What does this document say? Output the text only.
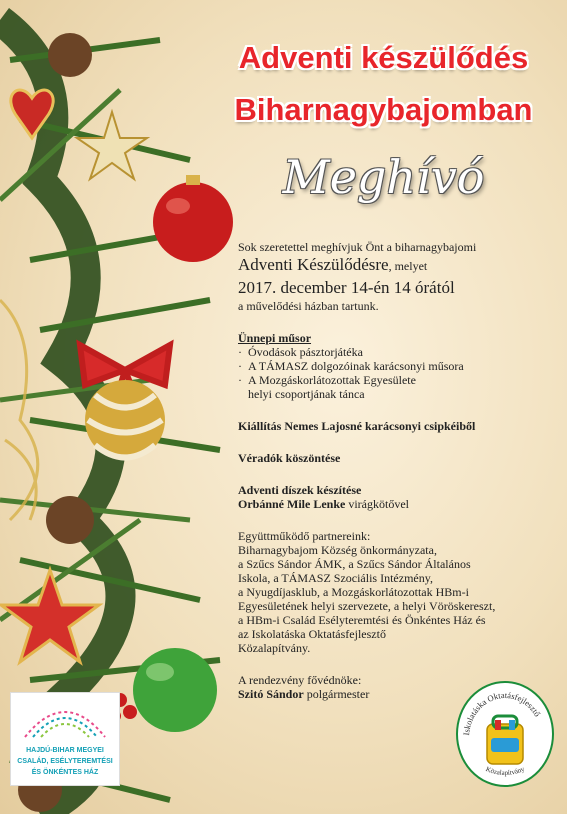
Adventi készülődés
Biharnagybajomban
Meghívó

Sok szeretettel meghívjuk Önt a biharnagybajomi

Adventi Készülődésre, melyet

2017. december 14-én 14 órától

a művelődési házban tartunk.

Ünnepi műsor

· Óvodások pásztorjátéka
· A TÁMASZ dolgozóinak karácsonyi műsora
· A Mozgáskorlátozottak Egyesülete
helyi csoportjának tánca

Kiállítás Nemes Lajosné karácsonyi csipkéiből

Véradók köszöntése

Adventi díszek készítése

Orbánné Mile Lenke virágkötővel

Együttműködő partnereink:

Biharnagybajom Község önkormányzata,

a Szűcs Sándor ÁMK, a Szűcs Sándor Általános

Iskola, a TÁMASZ Szociális Intézmény,

a Nyugdíjasklub, a Mozgáskorlátozottak HBm-i

Egyesületének helyi szervezete, a helyi Vöröskereszt,

a HBm-i Család Esélyteremtési és Önkéntes Ház és

az Iskolatáska Oktatásfejlesztő

Közalapítvány.

A rendezvény fővédnöke:

Szitó Sándor polgármester

HAJDÚ-BIHAR MEGYEI
CSALÁD, ESÉLYTEREMTÉSI
ÉS ÖNKÉNTES HÁZ
Iskolatáska Oktatásfejlesztő
Közalapítvány
